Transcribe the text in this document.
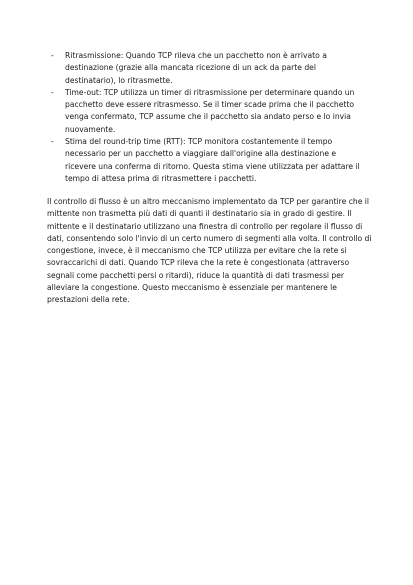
- Ritrasmissione: Quando TCP rileva che un pacchetto non è arrivato a destinazione (grazie alla mancata ricezione di un ack da parte del destinatario), lo ritrasmette.
- Time-out: TCP utilizza un timer di ritrasmissione per determinare quando un pacchetto deve essere ritrasmesso. Se il timer scade prima che il pacchetto venga confermato, TCP assume che il pacchetto sia andato perso e lo invia nuovamente.
- Stima del round-trip time (RTT): TCP monitora costantemente il tempo necessario per un pacchetto a viaggiare dall'origine alla destinazione e ricevere una conferma di ritorno. Questa stima viene utilizzata per adattare il tempo di attesa prima di ritrasmettere i pacchetti.

Il controllo di flusso è un altro meccanismo implementato da TCP per garantire che il mittente non trasmetta più dati di quanti il destinatario sia in grado di gestire. Il mittente e il destinatario utilizzano una finestra di controllo per regolare il flusso di dati, consentendo solo l'invio di un certo numero di segmenti alla volta. Il controllo di congestione, invece, è il meccanismo che TCP utilizza per evitare che la rete si sovraccarichi di dati. Quando TCP rileva che la rete è congestionata (attraverso segnali come pacchetti persi o ritardi), riduce la quantità di dati trasmessi per alleviare la congestione. Questo meccanismo è essenziale per mantenere le prestazioni della rete.
